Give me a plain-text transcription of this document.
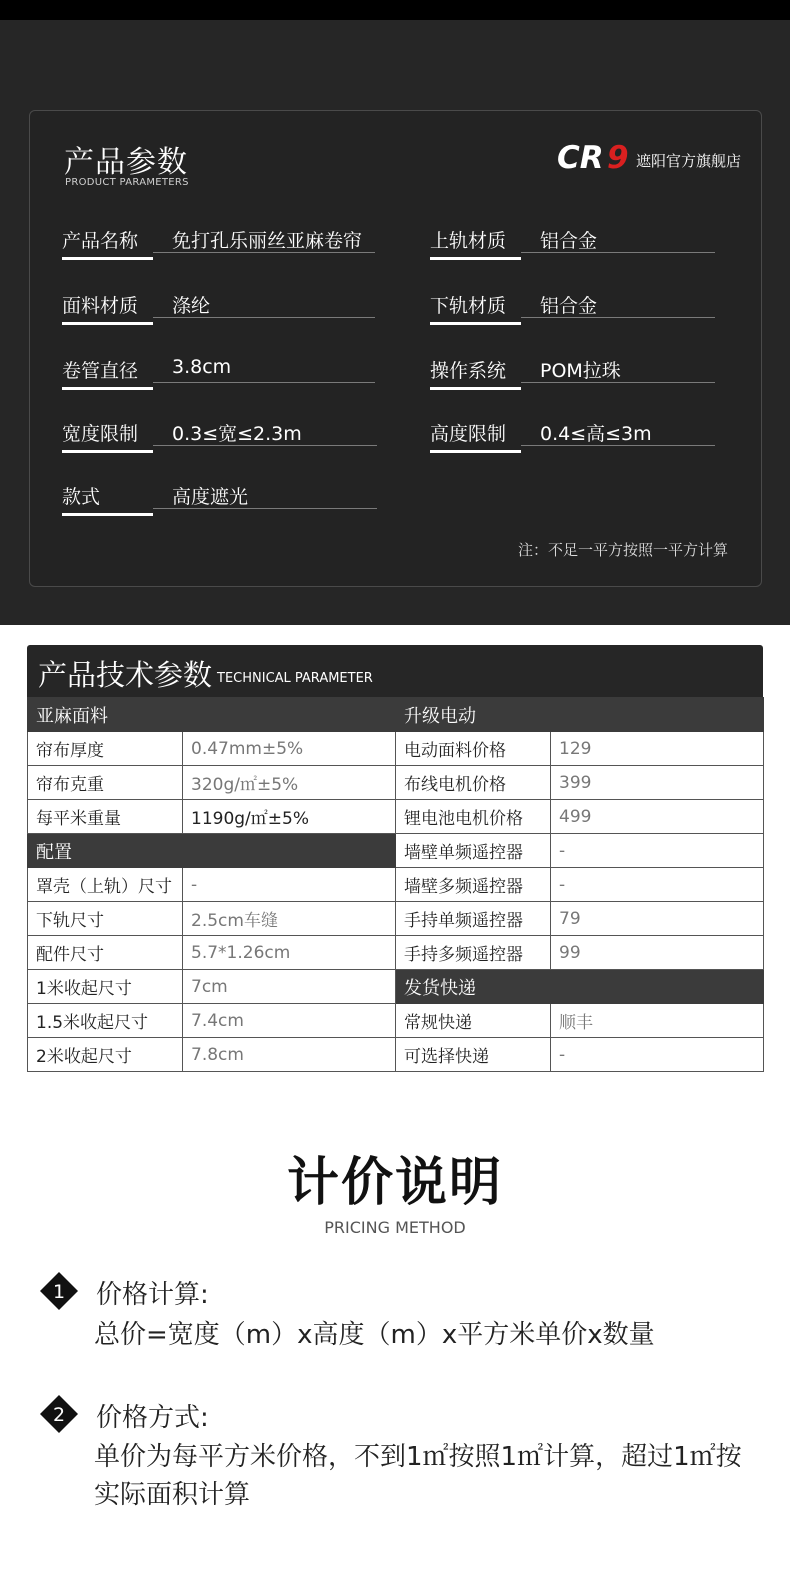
产品参数
PRODUCT PARAMETERS
CR 9 遮阳官方旗舰店
产品名称	免打孔乐丽丝亚麻卷帘	上轨材质	铝合金
面料材质	涤纶	下轨材质	铝合金
卷管直径	3.8cm	操作系统	POM拉珠
宽度限制	0.3≤宽≤2.3m	高度限制	0.4≤高≤3m
款式	高度遮光
注：不足一平方按照一平方计算
产品技术参数 TECHNICAL PARAMETER
亚麻面料		升级电动	
帘布厚度	0.47mm±5%	电动面料价格	129
帘布克重	320g/㎡±5%	布线电机价格	399
每平米重量	1190g/㎡±5%	锂电池电机价格	499
配置		墙壁单频遥控器	-
罩壳（上轨）尺寸	-	墙壁多频遥控器	-
下轨尺寸	2.5cm车缝	手持单频遥控器	79
配件尺寸	5.7*1.26cm	手持多频遥控器	99
1米收起尺寸	7cm	发货快递	
1.5米收起尺寸	7.4cm	常规快递	顺丰
2米收起尺寸	7.8cm	可选择快递	-
计价说明
PRICING METHOD
1 价格计算:
总价=宽度（m）x高度（m）x平方米单价x数量
2 价格方式:
单价为每平方米价格，不到1㎡按照1㎡计算，超过1㎡按实际面积计算
